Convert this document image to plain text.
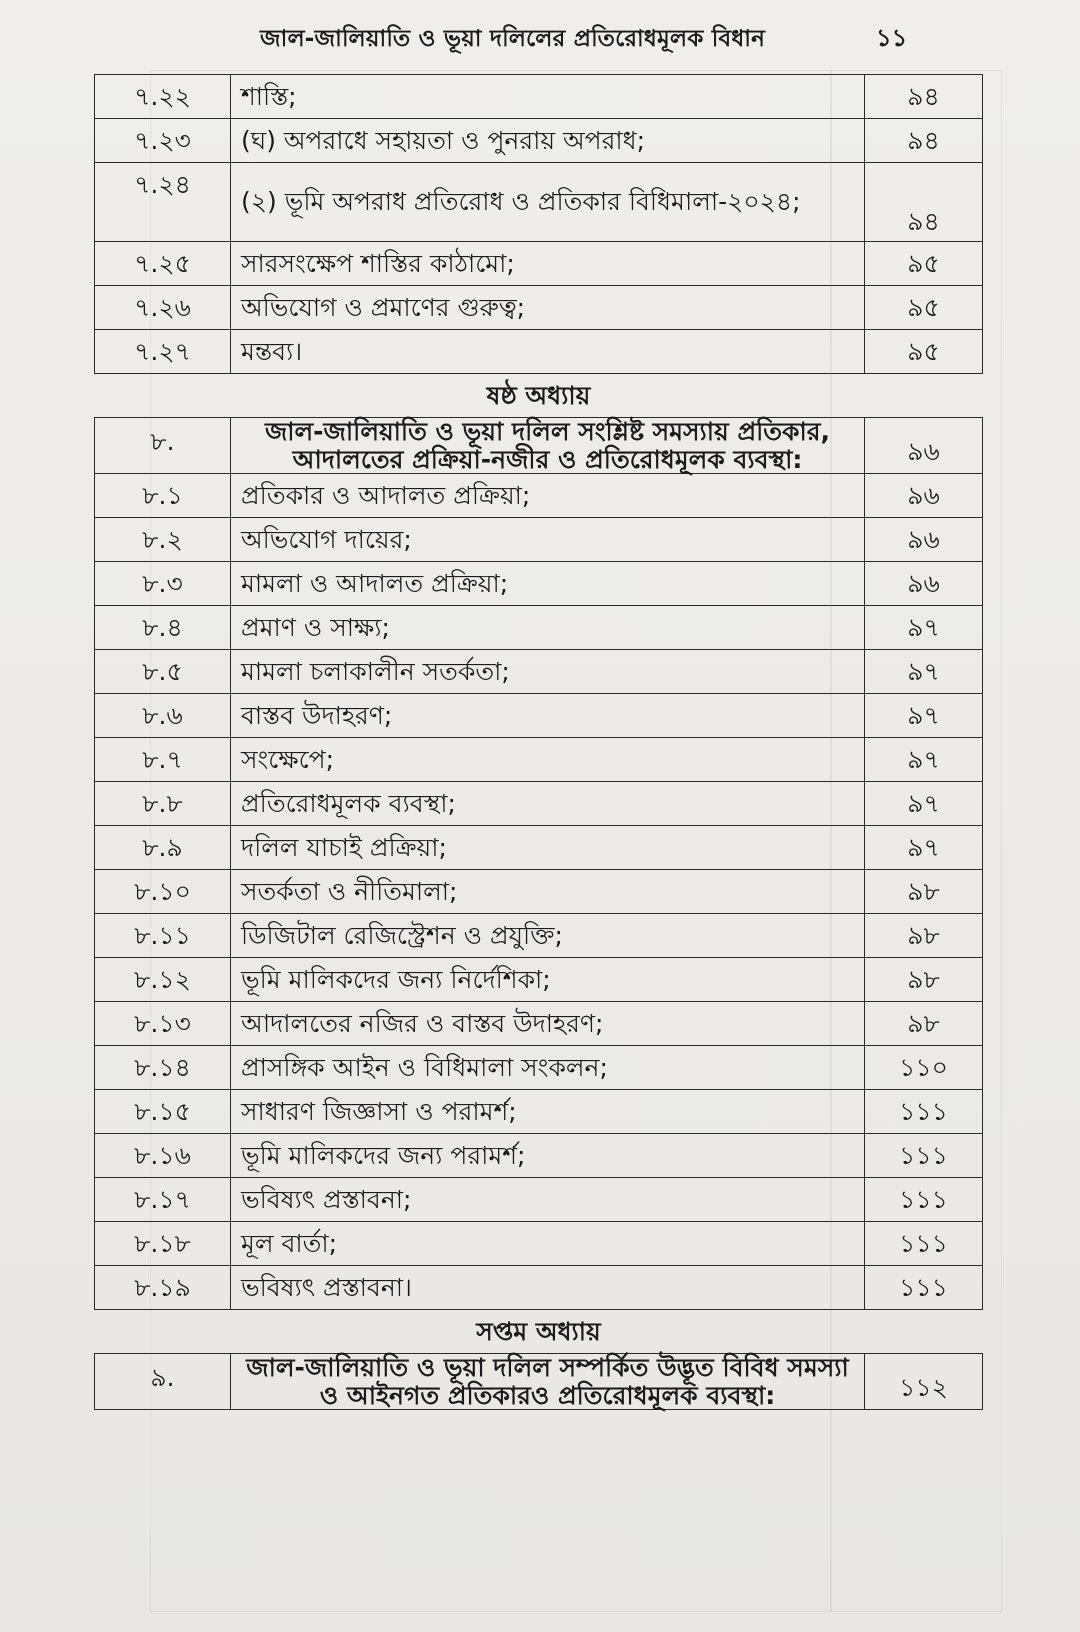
জাল-জালিয়াতি ও ভূয়া দলিলের প্রতিরোধমূলক বিধান	১১
৭.২২	শাস্তি;	৯৪
৭.২৩	(ঘ) অপরাধে সহায়তা ও পুনরায় অপরাধ;	৯৪
৭.২৪	(২) ভূমি অপরাধ প্রতিরোধ ও প্রতিকার বিধিমালা-২০২৪;	৯৪
৭.২৫	সারসংক্ষেপ শাস্তির কাঠামো;	৯৫
৭.২৬	অভিযোগ ও প্রমাণের গুরুত্ব;	৯৫
৭.২৭	মন্তব্য।	৯৫
ষষ্ঠ অধ্যায়		
৮.	জাল-জালিয়াতি ও ভূয়া দলিল সংশ্লিষ্ট সমস্যায় প্রতিকার, আদালতের প্রক্রিয়া-নজীর ও প্রতিরোধমূলক ব্যবস্থা:	৯৬
৮.১	প্রতিকার ও আদালত প্রক্রিয়া;	৯৬
৮.২	অভিযোগ দায়ের;	৯৬
৮.৩	মামলা ও আদালত প্রক্রিয়া;	৯৬
৮.৪	প্রমাণ ও সাক্ষ্য;	৯৭
৮.৫	মামলা চলাকালীন সতর্কতা;	৯৭
৮.৬	বাস্তব উদাহরণ;	৯৭
৮.৭	সংক্ষেপে;	৯৭
৮.৮	প্রতিরোধমূলক ব্যবস্থা;	৯৭
৮.৯	দলিল যাচাই প্রক্রিয়া;	৯৭
৮.১০	সতর্কতা ও নীতিমালা;	৯৮
৮.১১	ডিজিটাল রেজিস্ট্রেশন ও প্রযুক্তি;	৯৮
৮.১২	ভূমি মালিকদের জন্য নির্দেশিকা;	৯৮
৮.১৩	আদালতের নজির ও বাস্তব উদাহরণ;	৯৮
৮.১৪	প্রাসঙ্গিক আইন ও বিধিমালা সংকলন;	১১০
৮.১৫	সাধারণ জিজ্ঞাসা ও পরামর্শ;	১১১
৮.১৬	ভূমি মালিকদের জন্য পরামর্শ;	১১১
৮.১৭	ভবিষ্যৎ প্রস্তাবনা;	১১১
৮.১৮	মূল বার্তা;	১১১
৮.১৯	ভবিষ্যৎ প্রস্তাবনা।	১১১
সপ্তম অধ্যায়		
৯.	জাল-জালিয়াতি ও ভূয়া দলিল সম্পর্কিত উদ্ভূত বিবিধ সমস্যা ও আইনগত প্রতিকারও প্রতিরোধমূলক ব্যবস্থা:	১১২
